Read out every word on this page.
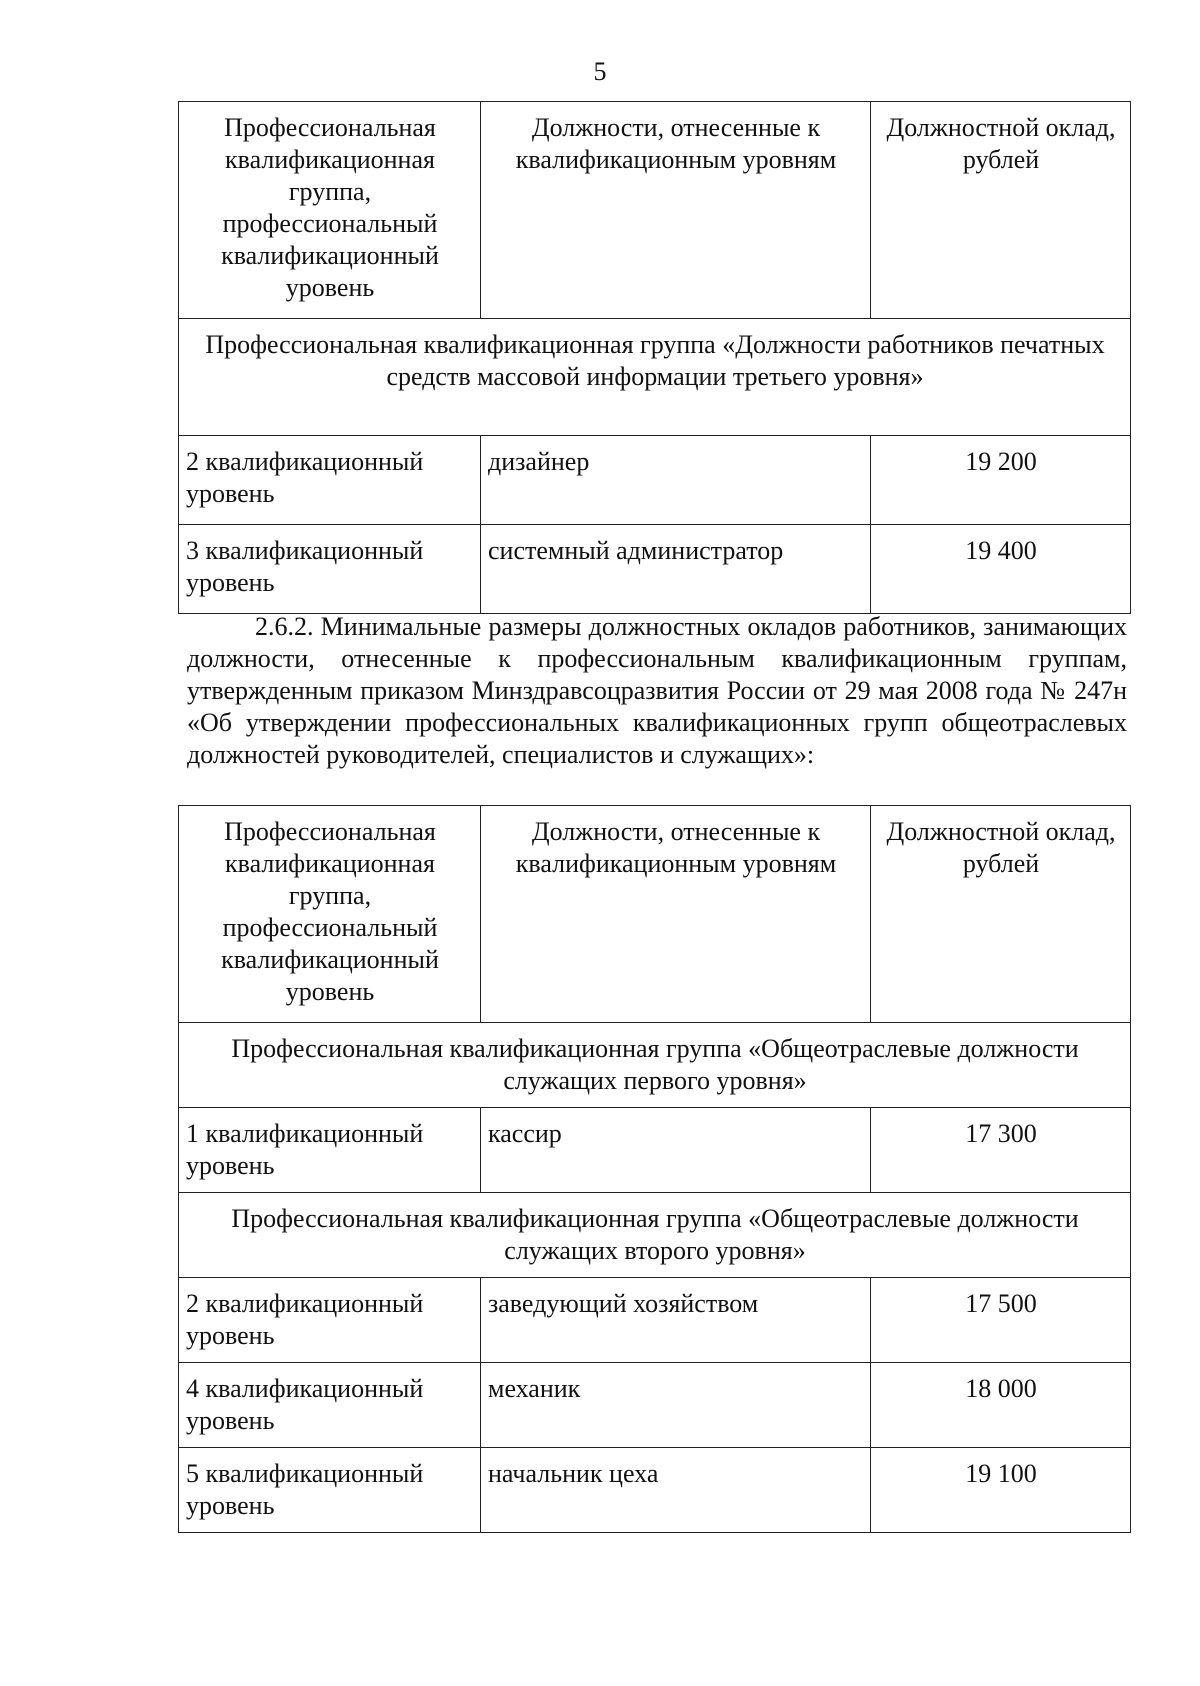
5
Профессиональная квалификационная группа, профессиональный квалификационный уровень	Должности, отнесенные к квалификационным уровням	Должностной оклад, рублей
Профессиональная квалификационная группа «Должности работников печатных средств массовой информации третьего уровня»		
2 квалификационный уровень	дизайнер	19 200
3 квалификационный уровень	системный администратор	19 400
2.6.2. Минимальные размеры должностных окладов работников, занимающих должности, отнесенные к профессиональным квалификационным группам, утвержденным приказом Минздравсоцразвития России от 29 мая 2008 года № 247н «Об утверждении профессиональных квалификационных групп общеотраслевых должностей руководителей, специалистов и служащих»:
Профессиональная квалификационная группа, профессиональный квалификационный уровень	Должности, отнесенные к квалификационным уровням	Должностной оклад, рублей
Профессиональная квалификационная группа «Общеотраслевые должности служащих первого уровня»		
1 квалификационный уровень	кассир	17 300
Профессиональная квалификационная группа «Общеотраслевые должности служащих второго уровня»		
2 квалификационный уровень	заведующий хозяйством	17 500
4 квалификационный уровень	механик	18 000
5 квалификационный уровень	начальник цеха	19 100
